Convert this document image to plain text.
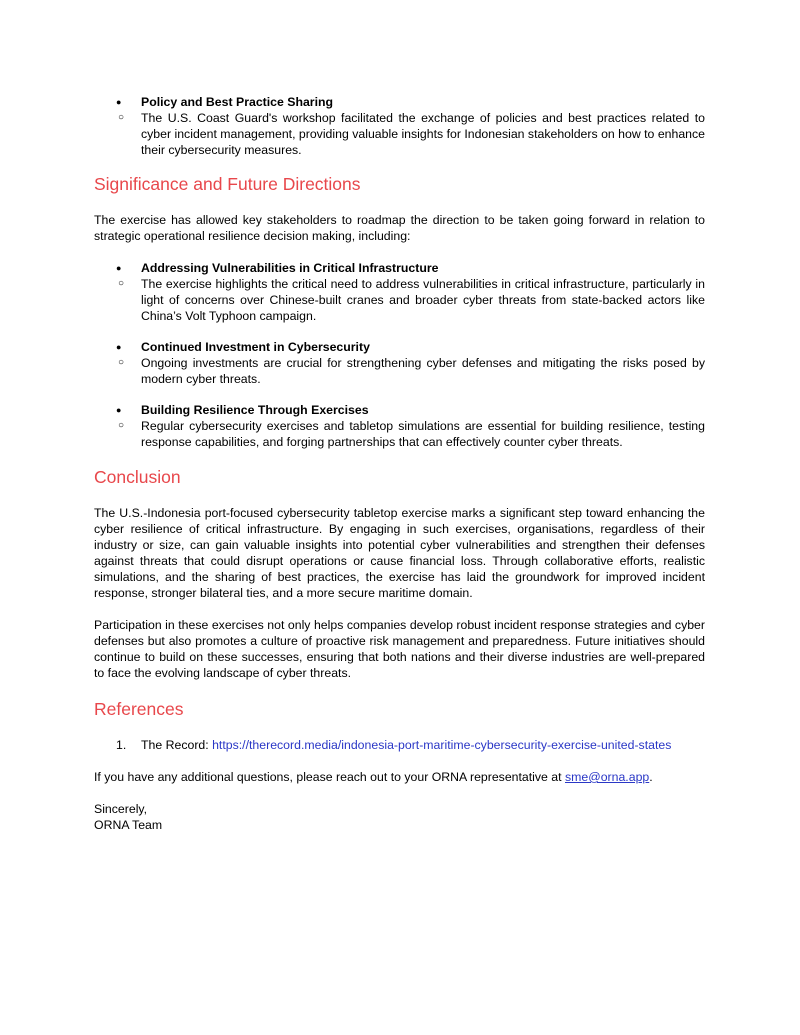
● Policy and Best Practice Sharing
○ The U.S. Coast Guard's workshop facilitated the exchange of policies and best practices related to cyber incident management, providing valuable insights for Indonesian stakeholders on how to enhance their cybersecurity measures.
Significance and Future Directions

The exercise has allowed key stakeholders to roadmap the direction to be taken going forward in relation to strategic operational resilience decision making, including:

● Addressing Vulnerabilities in Critical Infrastructure
○ The exercise highlights the critical need to address vulnerabilities in critical infrastructure, particularly in light of concerns over Chinese-built cranes and broader cyber threats from state-backed actors like China’s Volt Typhoon campaign.
● Continued Investment in Cybersecurity
○ Ongoing investments are crucial for strengthening cyber defenses and mitigating the risks posed by modern cyber threats.
● Building Resilience Through Exercises
○ Regular cybersecurity exercises and tabletop simulations are essential for building resilience, testing response capabilities, and forging partnerships that can effectively counter cyber threats.
Conclusion

The U.S.-Indonesia port-focused cybersecurity tabletop exercise marks a significant step toward enhancing the cyber resilience of critical infrastructure. By engaging in such exercises, organisations, regardless of their industry or size, can gain valuable insights into potential cyber vulnerabilities and strengthen their defenses against threats that could disrupt operations or cause financial loss. Through collaborative efforts, realistic simulations, and the sharing of best practices, the exercise has laid the groundwork for improved incident response, stronger bilateral ties, and a more secure maritime domain.

Participation in these exercises not only helps companies develop robust incident response strategies and cyber defenses but also promotes a culture of proactive risk management and preparedness. Future initiatives should continue to build on these successes, ensuring that both nations and their diverse industries are well-prepared to face the evolving landscape of cyber threats.

References
1. The Record: https://therecord.media/indonesia-port-maritime-cybersecurity-exercise-united-states

If you have any additional questions, please reach out to your ORNA representative at sme@orna.app.

Sincerely,

ORNA Team
